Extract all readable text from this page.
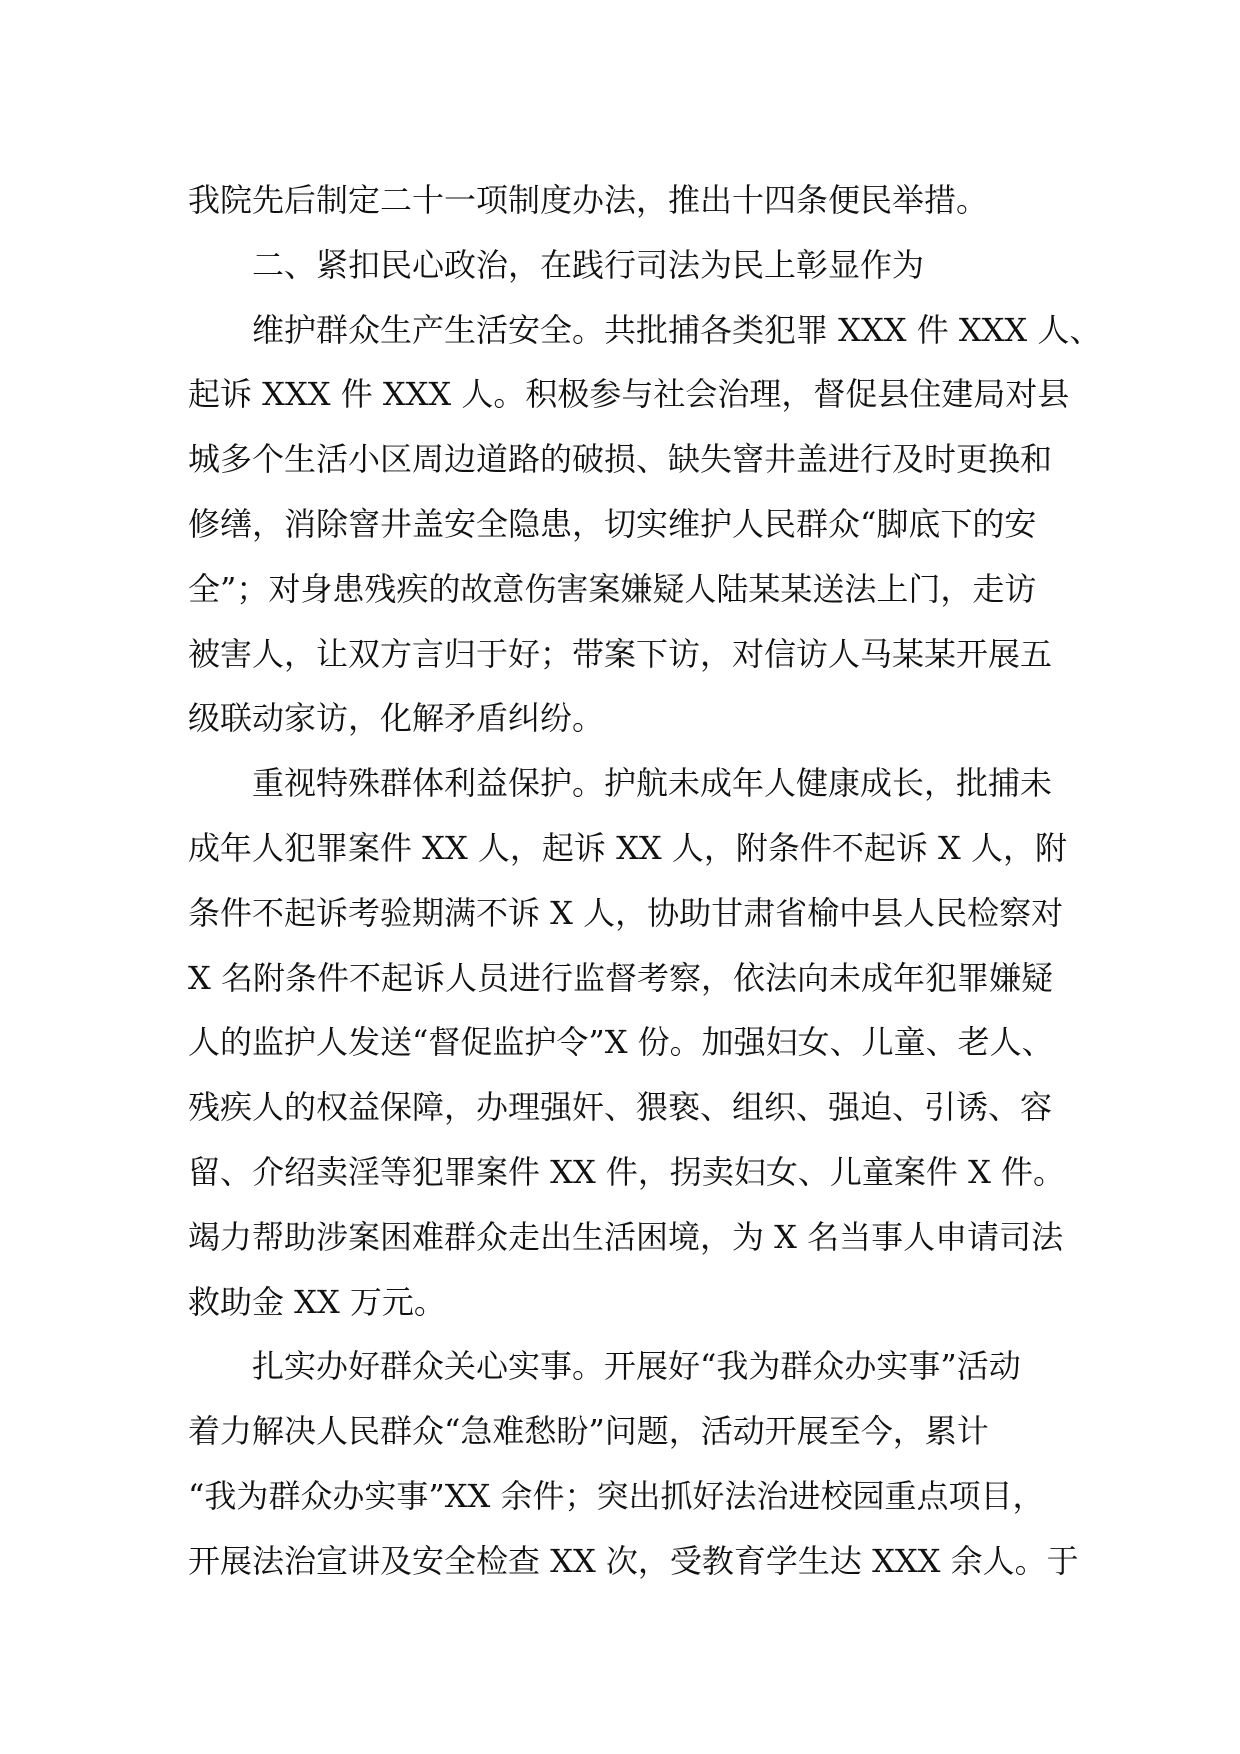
我院先后制定二十一项制度办法，推出十四条便民举措。

二、紧扣民心政治，在践行司法为民上彰显作为

维护群众生产生活安全。共批捕各类犯罪 XXX 件 XXX 人、

起诉 XXX 件 XXX 人。积极参与社会治理，督促县住建局对县

城多个生活小区周边道路的破损、缺失窨井盖进行及时更换和

修缮，消除窨井盖安全隐患，切实维护人民群众“脚底下的安

全”；对身患残疾的故意伤害案嫌疑人陆某某送法上门，走访

被害人，让双方言归于好；带案下访，对信访人马某某开展五

级联动家访，化解矛盾纠纷。

重视特殊群体利益保护。护航未成年人健康成长，批捕未

成年人犯罪案件 XX 人，起诉 XX 人，附条件不起诉 X 人，附

条件不起诉考验期满不诉 X 人，协助甘肃省榆中县人民检察对

X 名附条件不起诉人员进行监督考察，依法向未成年犯罪嫌疑

人的监护人发送“督促监护令”X 份。加强妇女、儿童、老人、

残疾人的权益保障，办理强奸、猥亵、组织、强迫、引诱、容

留、介绍卖淫等犯罪案件 XX 件，拐卖妇女、儿童案件 X 件。

竭力帮助涉案困难群众走出生活困境，为 X 名当事人申请司法

救助金 XX 万元。

扎实办好群众关心实事。开展好“我为群众办实事”活动

着力解决人民群众“急难愁盼”问题，活动开展至今，累计

“我为群众办实事”XX 余件；突出抓好法治进校园重点项目，

开展法治宣讲及安全检查 XX 次，受教育学生达 XXX 余人。于
